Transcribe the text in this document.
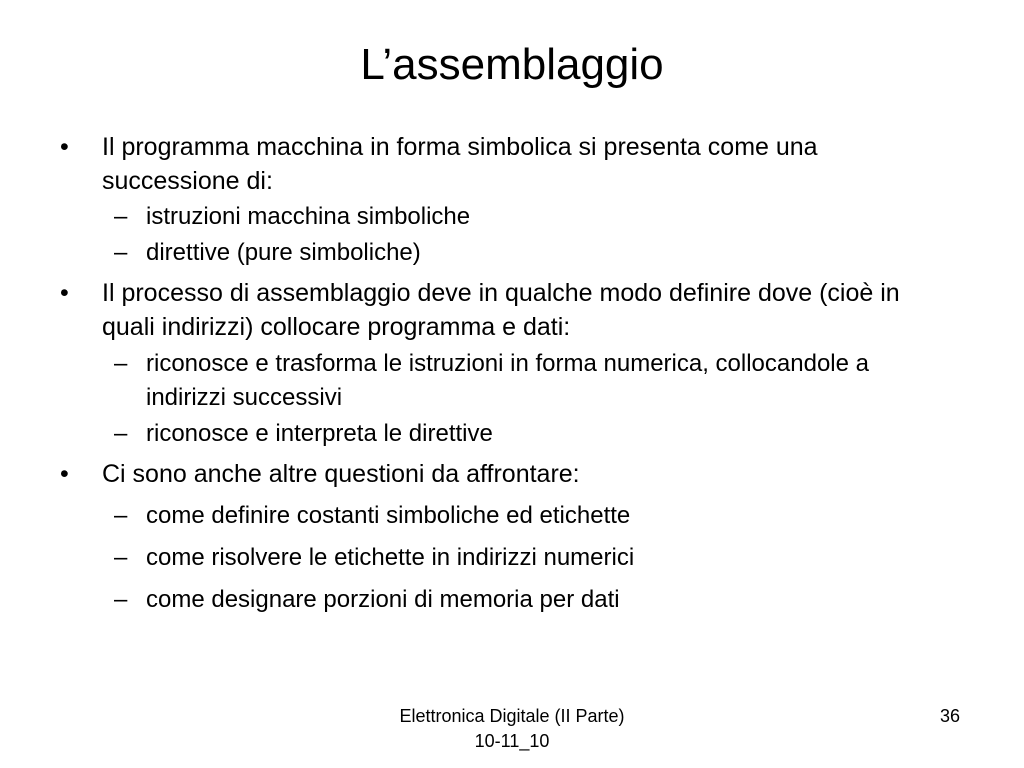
L’assemblaggio
• Il programma macchina in forma simbolica si presenta come una successione di:
– istruzioni macchina simboliche
– direttive (pure simboliche)
• Il processo di assemblaggio deve in qualche modo definire dove (cioè in quali indirizzi) collocare programma e dati:
– riconosce e trasforma le istruzioni in forma numerica, collocandole a indirizzi successivi
– riconosce e interpreta le direttive
• Ci sono anche altre questioni da affrontare:
– come definire costanti simboliche ed etichette
– come risolvere le etichette in indirizzi numerici
– come designare porzioni di memoria per dati
Elettronica Digitale (II Parte)
10-11_10
36
